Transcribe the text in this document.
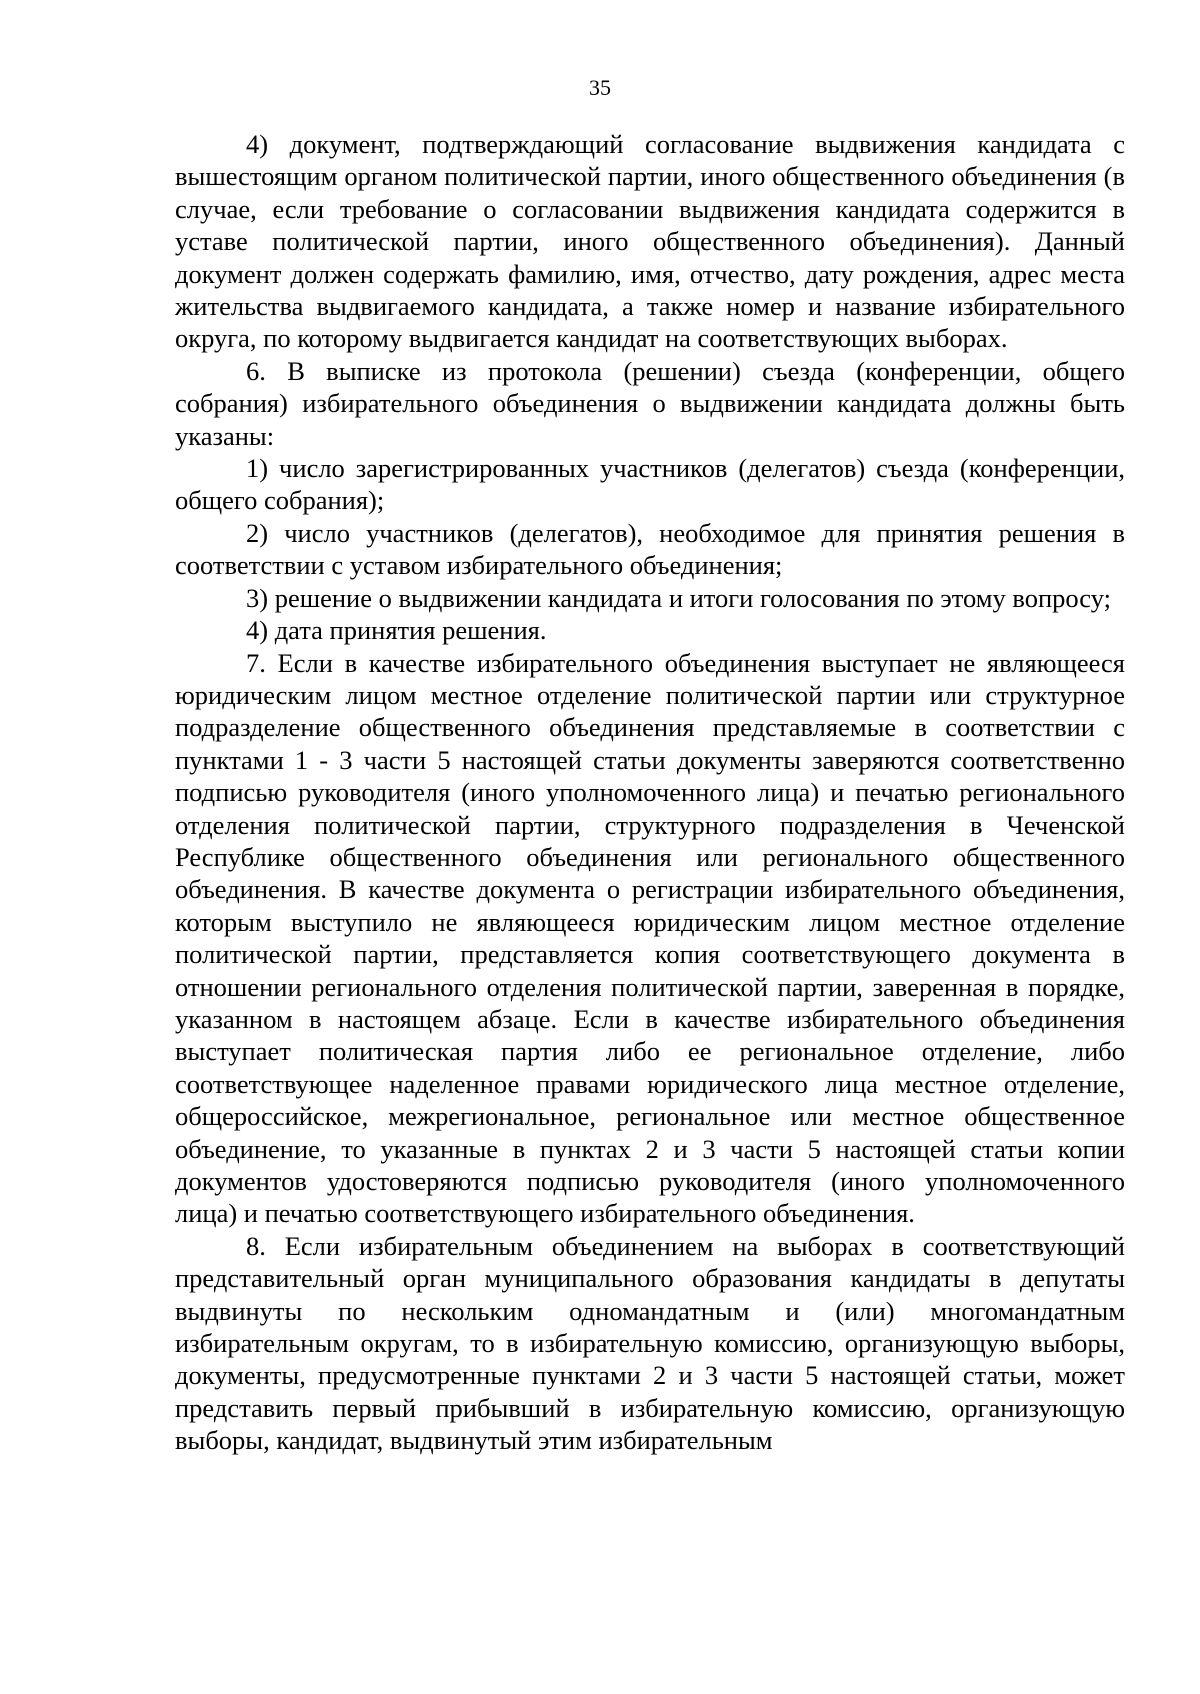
35

4) документ, подтверждающий согласование выдвижения кандидата с вышестоящим органом политической партии, иного общественного объединения (в случае, если требование о согласовании выдвижения кандидата содержится в уставе политической партии, иного общественного объединения). Данный документ должен содержать фамилию, имя, отчество, дату рождения, адрес места жительства выдвигаемого кандидата, а также номер и название избирательного округа, по которому выдвигается кандидат на соответствующих выборах.

6. В выписке из протокола (решении) съезда (конференции, общего собрания) избирательного объединения о выдвижении кандидата должны быть указаны:

1) число зарегистрированных участников (делегатов) съезда (конференции, общего собрания);

2) число участников (делегатов), необходимое для принятия решения в соответствии с уставом избирательного объединения;

3) решение о выдвижении кандидата и итоги голосования по этому вопросу;

4) дата принятия решения.

7. Если в качестве избирательного объединения выступает не являющееся юридическим лицом местное отделение политической партии или структурное подразделение общественного объединения представляемые в соответствии с пунктами 1 - 3 части 5 настоящей статьи документы заверяются соответственно подписью руководителя (иного уполномоченного лица) и печатью регионального отделения политической партии, структурного подразделения в Чеченской Республике общественного объединения или регионального общественного объединения. В качестве документа о регистрации избирательного объединения, которым выступило не являющееся юридическим лицом местное отделение политической партии, представляется копия соответствующего документа в отношении регионального отделения политической партии, заверенная в порядке, указанном в настоящем абзаце. Если в качестве избирательного объединения выступает политическая партия либо ее региональное отделение, либо соответствующее наделенное правами юридического лица местное отделение, общероссийское, межрегиональное, региональное или местное общественное объединение, то указанные в пунктах 2 и 3 части 5 настоящей статьи копии документов удостоверяются подписью руководителя (иного уполномоченного лица) и печатью соответствующего избирательного объединения.

8. Если избирательным объединением на выборах в соответствующий представительный орган муниципального образования кандидаты в депутаты выдвинуты по нескольким одномандатным и (или) многомандатным избирательным округам, то в избирательную комиссию, организующую выборы, документы, предусмотренные пунктами 2 и 3 части 5 настоящей статьи, может представить первый прибывший в избирательную комиссию, организующую выборы, кандидат, выдвинутый этим избирательным
